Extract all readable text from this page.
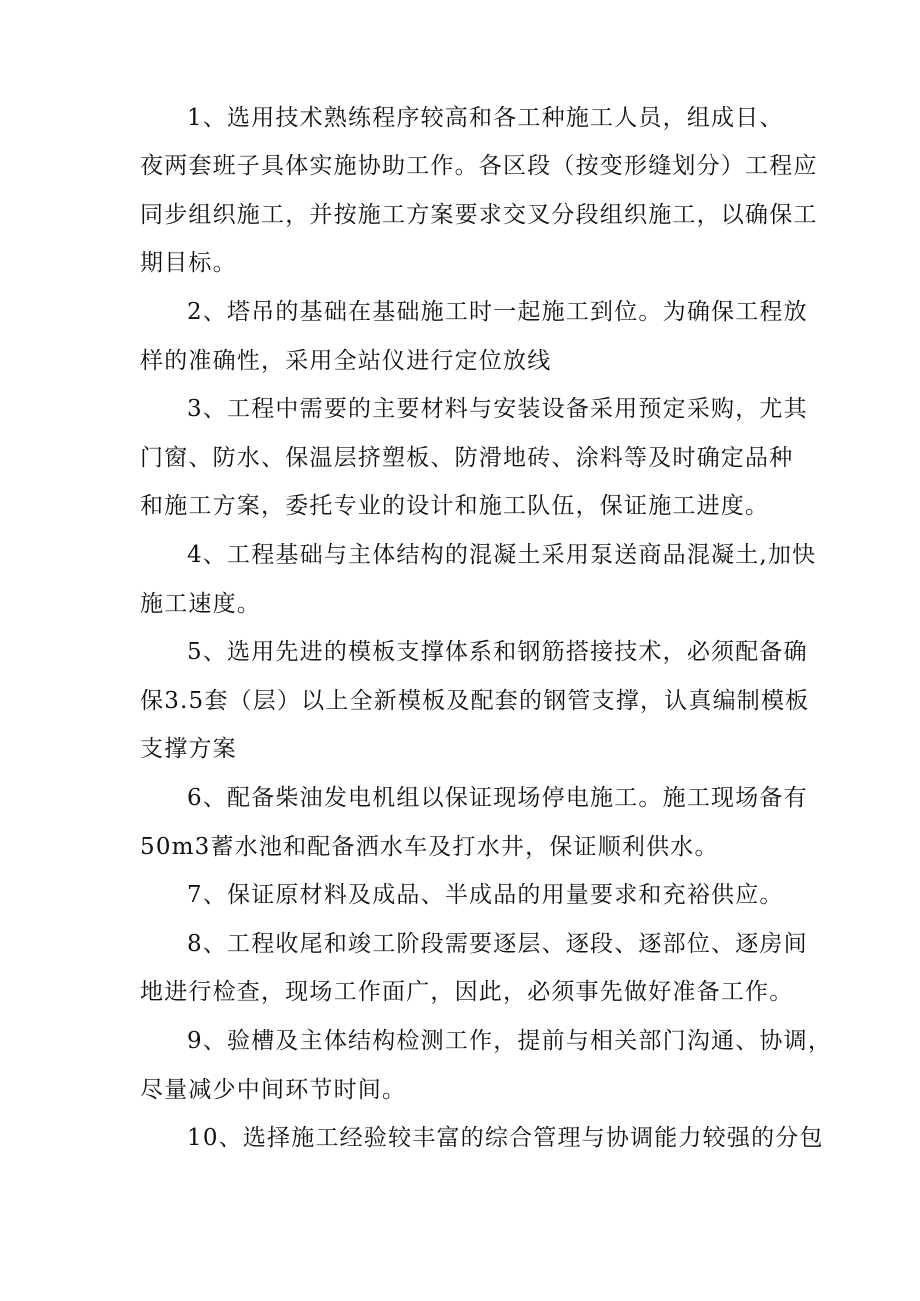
1、选用技术熟练程序较高和各工种施工人员，组成日、
夜两套班子具体实施协助工作。各区段（按变形缝划分）工程应
同步组织施工，并按施工方案要求交叉分段组织施工，以确保工
期目标。
2、塔吊的基础在基础施工时一起施工到位。为确保工程放
样的准确性，采用全站仪进行定位放线
3、工程中需要的主要材料与安装设备采用预定采购，尤其
门窗、防水、保温层挤塑板、防滑地砖、涂料等及时确定品种
和施工方案，委托专业的设计和施工队伍，保证施工进度。
4、工程基础与主体结构的混凝土采用泵送商品混凝土,加快
施工速度。
5、选用先进的模板支撑体系和钢筋搭接技术，必须配备确
保3.5套（层）以上全新模板及配套的钢管支撑，认真编制模板
支撑方案
6、配备柴油发电机组以保证现场停电施工。施工现场备有
50m3蓄水池和配备洒水车及打水井，保证顺利供水。
7、保证原材料及成品、半成品的用量要求和充裕供应。
8、工程收尾和竣工阶段需要逐层、逐段、逐部位、逐房间
地进行检查，现场工作面广，因此，必须事先做好准备工作。
9、验槽及主体结构检测工作，提前与相关部门沟通、协调，
尽量减少中间环节时间。
10、选择施工经验较丰富的综合管理与协调能力较强的分包
